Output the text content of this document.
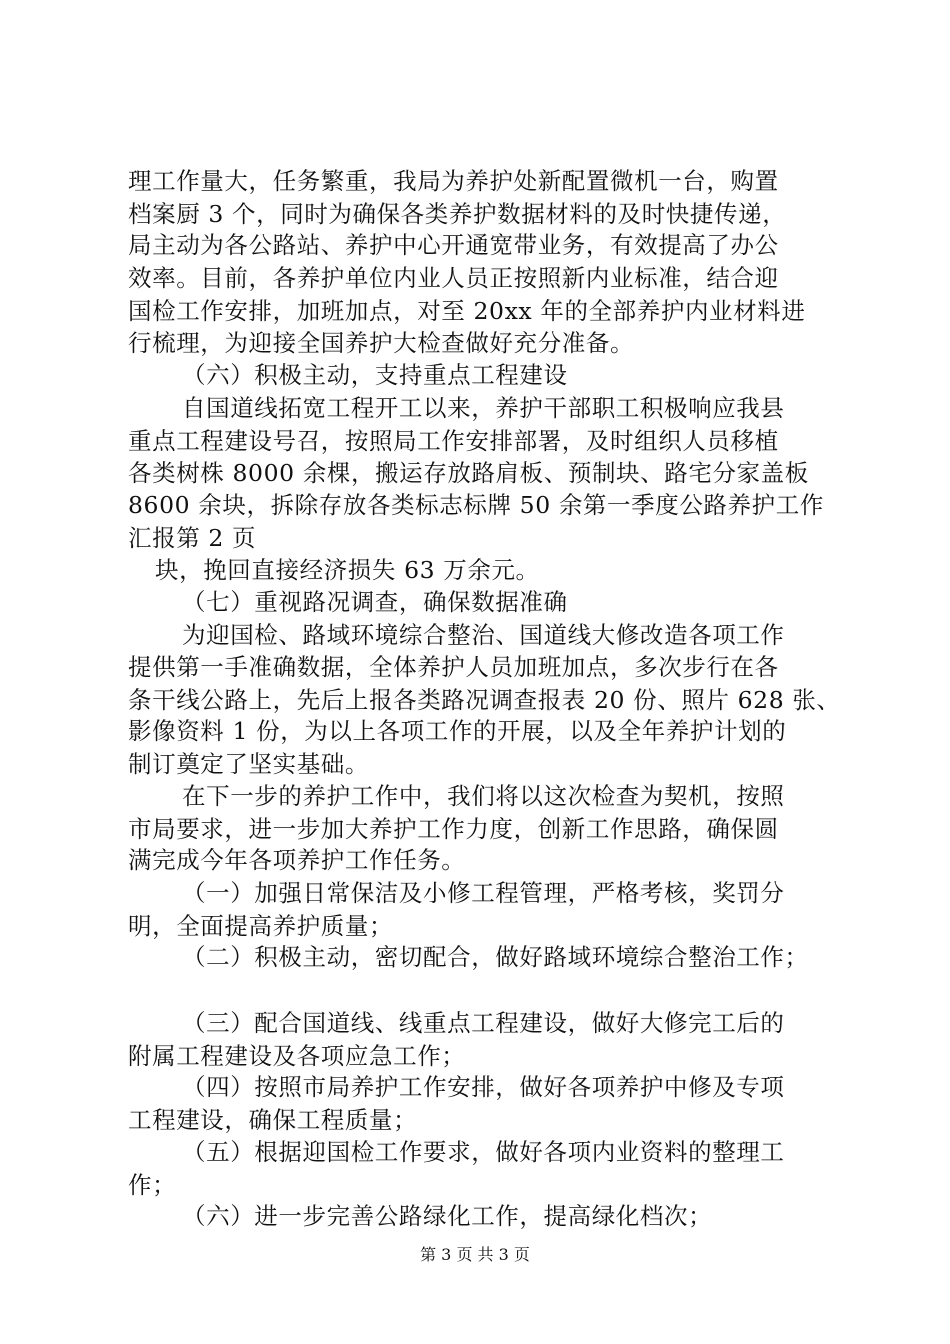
理工作量大，任务繁重，我局为养护处新配置微机一台，购置
档案厨 3 个，同时为确保各类养护数据材料的及时快捷传递，
局主动为各公路站、养护中心开通宽带业务，有效提高了办公
效率。目前，各养护单位内业人员正按照新内业标准，结合迎
国检工作安排，加班加点，对至 20xx 年的全部养护内业材料进
行梳理，为迎接全国养护大检查做好充分准备。
（六）积极主动，支持重点工程建设
自国道线拓宽工程开工以来，养护干部职工积极响应我县
重点工程建设号召，按照局工作安排部署，及时组织人员移植
各类树株 8000 余棵，搬运存放路肩板、预制块、路宅分家盖板
8600 余块，拆除存放各类标志标牌 50 余第一季度公路养护工作
汇报第 2 页
块，挽回直接经济损失 63 万余元。
（七）重视路况调查，确保数据准确
为迎国检、路域环境综合整治、国道线大修改造各项工作
提供第一手准确数据，全体养护人员加班加点，多次步行在各
条干线公路上，先后上报各类路况调查报表 20 份、照片 628 张、
影像资料 1 份，为以上各项工作的开展，以及全年养护计划的
制订奠定了坚实基础。
在下一步的养护工作中，我们将以这次检查为契机，按照
市局要求，进一步加大养护工作力度，创新工作思路，确保圆
满完成今年各项养护工作任务。
（一）加强日常保洁及小修工程管理，严格考核，奖罚分
明，全面提高养护质量；
（二）积极主动，密切配合，做好路域环境综合整治工作；
（三）配合国道线、线重点工程建设，做好大修完工后的
附属工程建设及各项应急工作；
（四）按照市局养护工作安排，做好各项养护中修及专项
工程建设，确保工程质量；
（五）根据迎国检工作要求，做好各项内业资料的整理工
作；
（六）进一步完善公路绿化工作，提高绿化档次；
第 3 页 共 3 页
